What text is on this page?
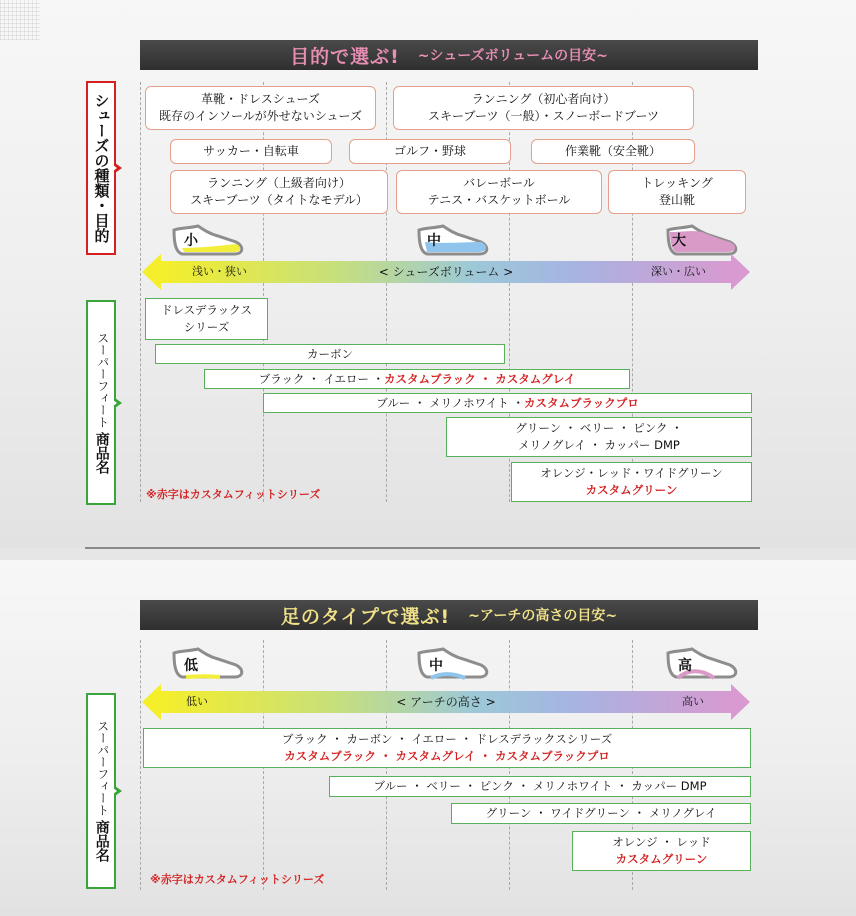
目的で選ぶ! ~シューズボリュームの目安~
シューズの種類・目的	革靴・ドレスシューズ
既存のインソールが外せないシューズ
ランニング（初心者向け）
スキーブーツ（一般）・スノーボードブーツ
サッカー・自転車	ゴルフ・野球	作業靴（安全靴）
ランニング（上級者向け）
スキーブーツ（タイトなモデル）
バレーボール
テニス・バスケットボール
トレッキング
登山靴
小	中	大
浅い・狭い	< シューズボリューム >	深い・広い
スーパーフィート
商品名
ドレスデラックス
シリーズ
カーボン
ブラック ・ イエロー ・カスタムブラック ・ カスタムグレイ
ブルー ・ メリノホワイト ・カスタムブラックプロ
グリーン ・ ベリー ・ ピンク ・
メリノグレイ ・ カッパー DMP
オレンジ・レッド・ワイドグリーン
カスタムグリーン
※赤字はカスタムフィットシリーズ
足のタイプで選ぶ! ~アーチの高さの目安~
低	中	高
低い	< アーチの高さ >	高い
スーパーフィート
商品名
ブラック ・ カーボン ・ イエロー ・ ドレスデラックスシリーズ
カスタムブラック ・ カスタムグレイ ・ カスタムブラックプロ
ブルー ・ ベリー ・ ピンク ・ メリノホワイト ・ カッパー DMP
グリーン ・ ワイドグリーン ・ メリノグレイ
オレンジ ・ レッド
カスタムグリーン
※赤字はカスタムフィットシリーズ
